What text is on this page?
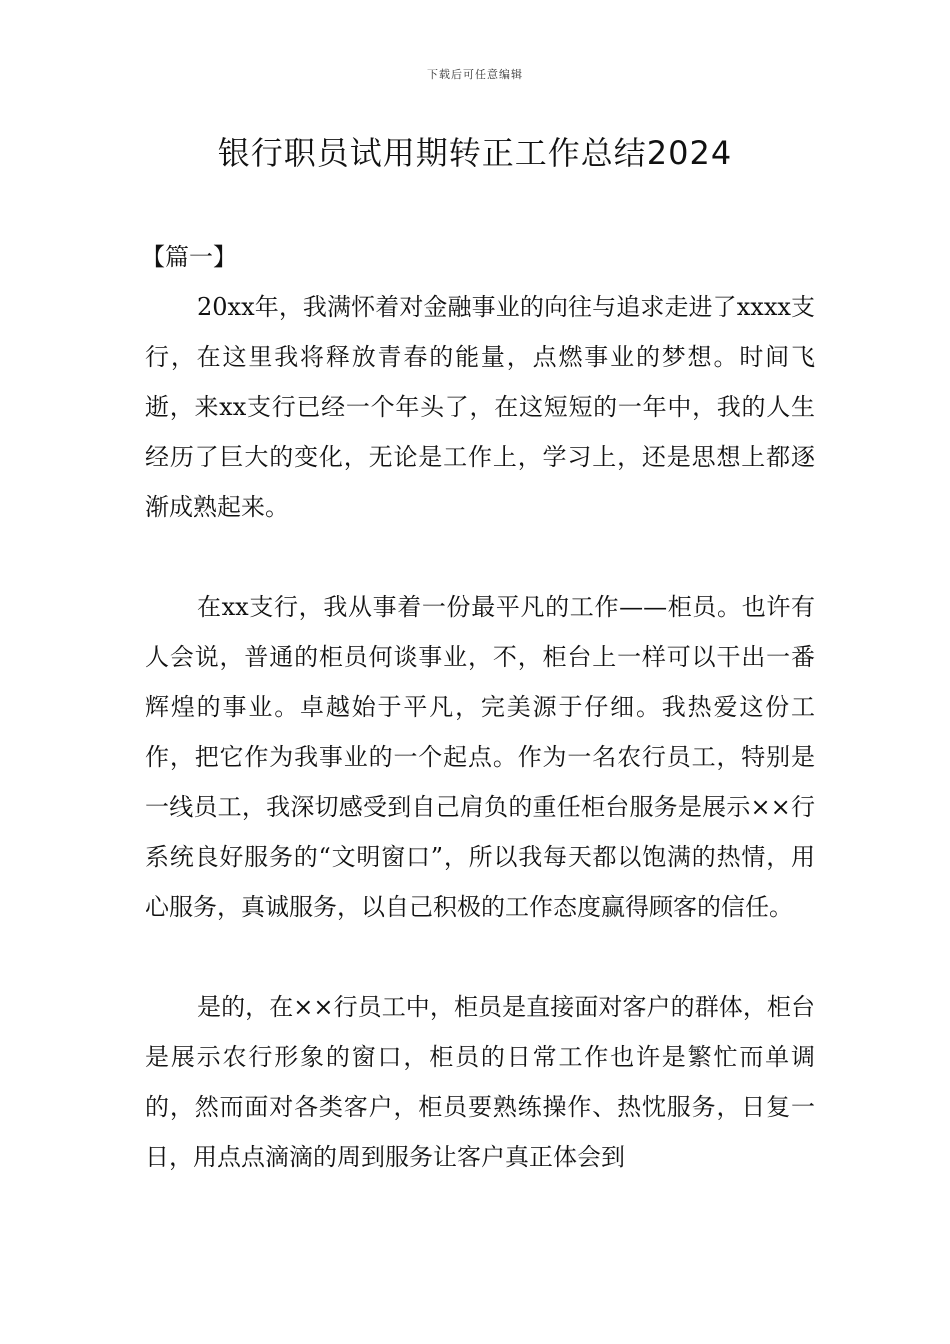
下载后可任意编辑
银行职员试用期转正工作总结2024

【篇一】

20xx年，我满怀着对金融事业的向往与追求走进了xxxx支行，在这里我将释放青春的能量，点燃事业的梦想。时间飞逝，来xx支行已经一个年头了，在这短短的一年中，我的人生经历了巨大的变化，无论是工作上，学习上，还是思想上都逐渐成熟起来。

在xx支行，我从事着一份最平凡的工作——柜员。也许有人会说，普通的柜员何谈事业，不，柜台上一样可以干出一番辉煌的事业。卓越始于平凡，完美源于仔细。我热爱这份工作，把它作为我事业的一个起点。作为一名农行员工，特别是一线员工，我深切感受到自己肩负的重任柜台服务是展示××行系统良好服务的“文明窗口”，所以我每天都以饱满的热情，用心服务，真诚服务，以自己积极的工作态度赢得顾客的信任。

是的，在××行员工中，柜员是直接面对客户的群体，柜台是展示农行形象的窗口，柜员的日常工作也许是繁忙而单调的，然而面对各类客户，柜员要熟练操作、热忱服务，日复一日，用点点滴滴的周到服务让客户真正体会到
